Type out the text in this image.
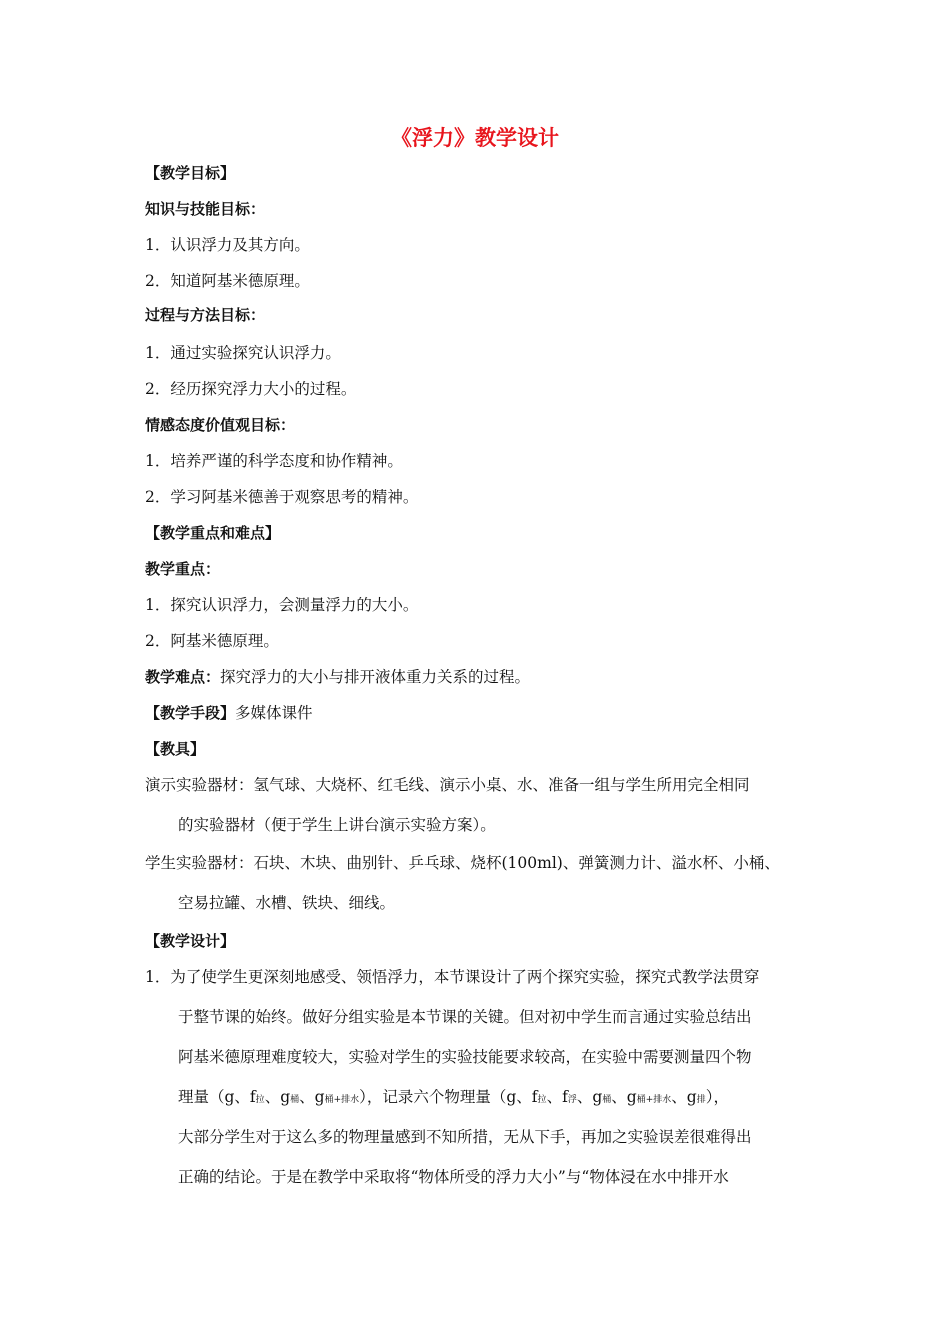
《浮力》教学设计
【教学目标】
知识与技能目标：
1．认识浮力及其方向。
2．知道阿基米德原理。
过程与方法目标：
1．通过实验探究认识浮力。
2．经历探究浮力大小的过程。
情感态度价值观目标：
1．培养严谨的科学态度和协作精神。
2．学习阿基米德善于观察思考的精神。
【教学重点和难点】
教学重点：
1．探究认识浮力，会测量浮力的大小。
2．阿基米德原理。
教学难点：探究浮力的大小与排开液体重力关系的过程。
【教学手段】多媒体课件
【教具】
演示实验器材：氢气球、大烧杯、红毛线、演示小桌、水、准备一组与学生所用完全相同
的实验器材（便于学生上讲台演示实验方案）。
学生实验器材：石块、木块、曲别针、乒乓球、烧杯(100ml)、弹簧测力计、溢水杯、小桶、
空易拉罐、水槽、铁块、细线。
【教学设计】
1．为了使学生更深刻地感受、领悟浮力，本节课设计了两个探究实验，探究式教学法贯穿
于整节课的始终。做好分组实验是本节课的关键。但对初中学生而言通过实验总结出
阿基米德原理难度较大，实验对学生的实验技能要求较高，在实验中需要测量四个物
理量（g、f拉、g桶、g桶+排水），记录六个物理量（g、f拉、f浮、g桶、g桶+排水、g排），
大部分学生对于这么多的物理量感到不知所措，无从下手，再加之实验误差很难得出
正确的结论。于是在教学中采取将“物体所受的浮力大小”与“物体浸在水中排开水
